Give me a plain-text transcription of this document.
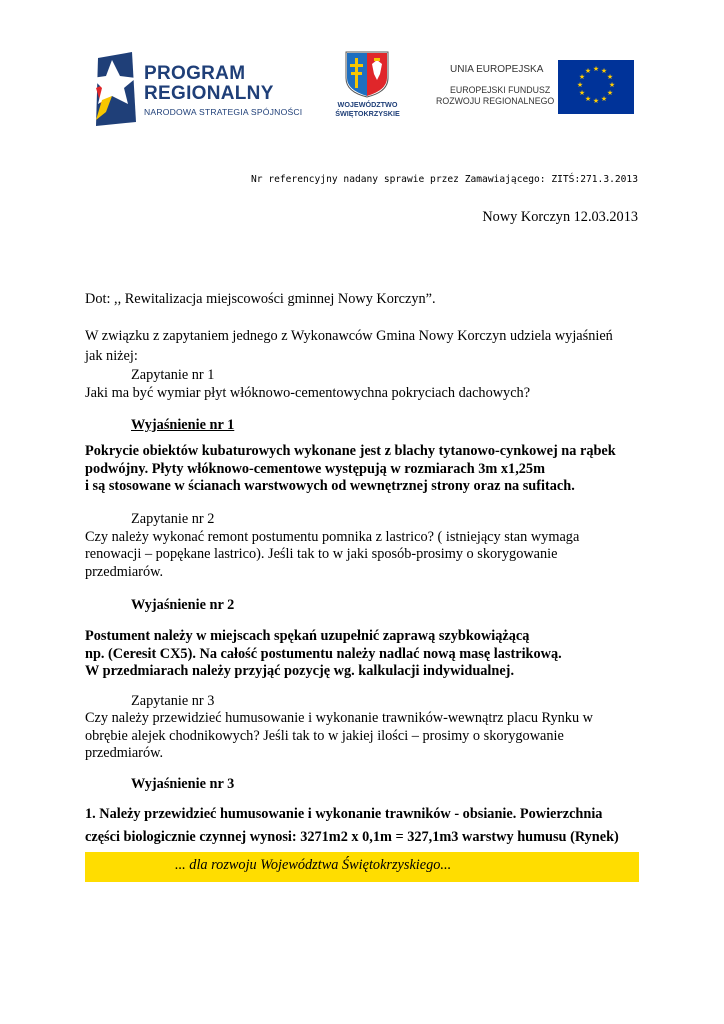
PROGRAM
REGIONALNY
NARODOWA STRATEGIA SPÓJNOŚCI
WOJEWÓDZTWO
ŚWIĘTOKRZYSKIE
UNIA EUROPEJSKA
EUROPEJSKI FUNDUSZ
ROZWOJU REGIONALNEGO
★ ★
★
★
★
★
★
★
★
★
★
★
Nr referencyjny nadany sprawie przez Zamawiającego: ZITŚ:271.3.2013
Nowy Korczyn 12.03.2013
Dot: ,, Rewitalizacja miejscowości gminnej Nowy Korczyn”.
W związku z zapytaniem jednego z Wykonawców Gmina Nowy Korczyn udziela wyjaśnień
jak niżej:
Zapytanie nr 1
Jaki ma być wymiar płyt włóknowo-cementowychna pokryciach dachowych?
Wyjaśnienie nr 1
Pokrycie obiektów kubaturowych wykonane jest z blachy tytanowo-cynkowej na rąbek
podwójny. Płyty włóknowo-cementowe występują w rozmiarach 3m x1,25m
i są stosowane w ścianach warstwowych od wewnętrznej strony oraz na sufitach.
Zapytanie nr 2
Czy należy wykonać remont postumentu pomnika z lastrico? ( istniejący stan wymaga
renowacji – popękane lastrico). Jeśli tak to w jaki sposób-prosimy o skorygowanie
przedmiarów.
Wyjaśnienie nr 2
Postument należy w miejscach spękań uzupełnić zaprawą szybkowiążącą
np. (Ceresit CX5). Na całość postumentu należy nadlać nową masę lastrikową.
W przedmiarach należy przyjąć pozycję wg. kalkulacji indywidualnej.
Zapytanie nr 3
Czy należy przewidzieć humusowanie i wykonanie trawników-wewnątrz placu Rynku w
obrębie alejek chodnikowych? Jeśli tak to w jakiej ilości – prosimy o skorygowanie
przedmiarów.
Wyjaśnienie nr 3
1. Należy przewidzieć humusowanie i wykonanie trawników - obsianie. Powierzchnia
części biologicznie czynnej wynosi: 3271m2 x 0,1m = 327,1m3 warstwy humusu (Rynek)
... dla rozwoju Województwa Świętokrzyskiego...
